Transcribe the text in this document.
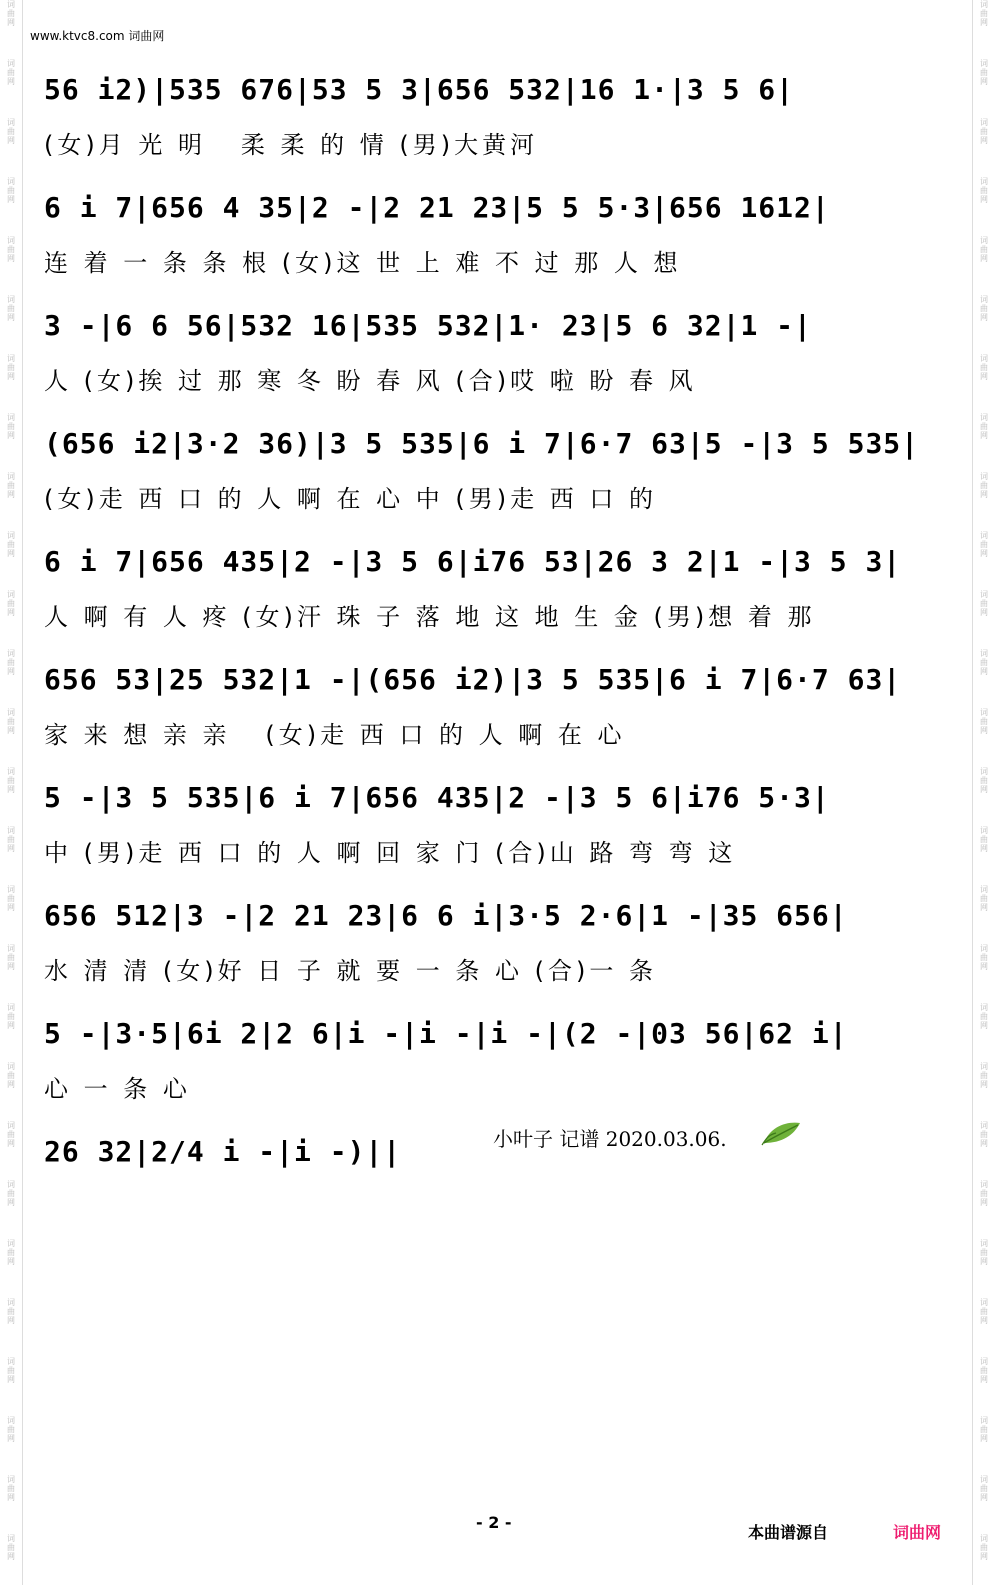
词
曲
网
词
曲
网
词
曲
网
词
曲
网
词
曲
网
词
曲
网
词
曲
网
词
曲
网
词
曲
网
词
曲
网
词
曲
网
词
曲
网
词
曲
网
词
曲
网
词
曲
网
词
曲
网
词
曲
网
词
曲
网
词
曲
网
词
曲
网
词
曲
网
词
曲
网
词
曲
网
词
曲
网
词
曲
网
词
曲
网
词
曲
网
词
曲
网
词
曲
网
词
曲
网
词
曲
网
词
曲
网
词
曲
网
词
曲
网
词
曲
网
词
曲
网
词
曲
网
词
曲
网
词
曲
网
词
曲
网
词
曲
网
词
曲
网
词
曲
网
词
曲
网
词
曲
网
词
曲
网
词
曲
网
词
曲
网
词
曲
网
词
曲
网
词
曲
网
词
曲
网
词
曲
网
词
曲
网
www.ktvc8.com 词曲网
56 i2)|535 676|53 5 3|656 532|16 1·|3 5 6|
(女)月 光 明   柔 柔 的 情 (男)大黄河
6 i 7|656 4 35|2 -|2 21 23|5 5 5·3|656 1612|
连 着 一 条 条 根 (女)这 世 上 难 不 过 那 人 想
3 -|6 6 56|532 16|535 532|1· 23|5 6 32|1 -|
人 (女)挨 过 那 寒 冬 盼 春 风 (合)哎 啦 盼 春 风
(656 i2|3·2 36)|3 5 535|6 i 7|6·7 63|5 -|3 5 535|
(女)走 西 口 的 人 啊 在 心 中 (男)走 西 口 的
6 i 7|656 435|2 -|3 5 6|i76 53|26 3 2|1 -|3 5 3|
人 啊 有 人 疼 (女)汗 珠 子 落 地 这 地 生 金 (男)想 着 那
656 53|25 532|1 -|(656 i2)|3 5 535|6 i 7|6·7 63|
家 来 想 亲 亲   (女)走 西 口 的 人 啊 在 心
5 -|3 5 535|6 i 7|656 435|2 -|3 5 6|i76 5·3|
中 (男)走 西 口 的 人 啊 回 家 门 (合)山 路 弯 弯 这
656 512|3 -|2 21 23|6 6 i|3·5 2·6|1 -|35 656|
水 清 清 (女)好 日 子 就 要 一 条 心 (合)一 条
5 -|3·5|6i 2|2 6|i -|i -|i -|(2 -|03 56|62 i|
心 一 条 心
26 32|2/4 i -|i -)||	小叶子 记谱 2020.03.06.
- 2 -
本曲谱源自	词曲网
